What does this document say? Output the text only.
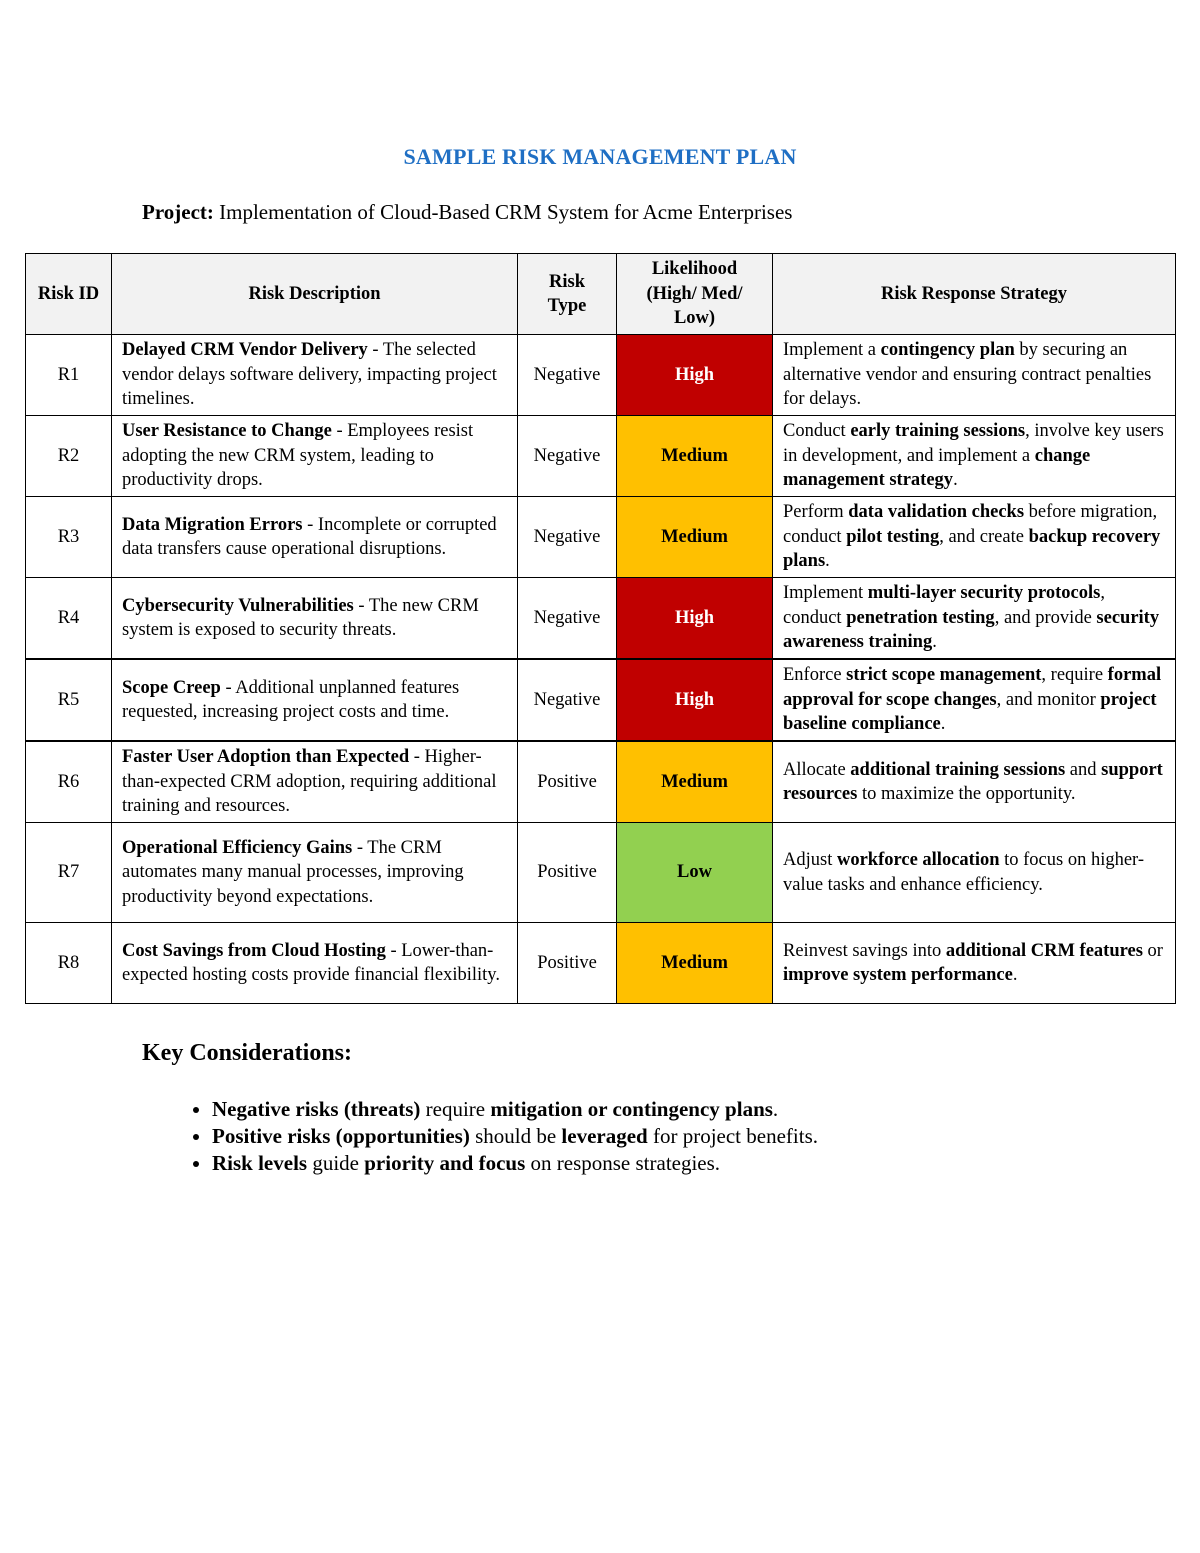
SAMPLE RISK MANAGEMENT PLAN
Project: Implementation of Cloud-Based CRM System for Acme Enterprises
Risk ID	Risk Description	Risk Type	Likelihood (High/ Med/ Low)	Risk Response Strategy
R1	Delayed CRM Vendor Delivery - The selected vendor delays software delivery, impacting project timelines.	Negative	High	Implement a contingency plan by securing an alternative vendor and ensuring contract penalties for delays.
R2	User Resistance to Change - Employees resist adopting the new CRM system, leading to productivity drops.	Negative	Medium	Conduct early training sessions, involve key users in development, and implement a change management strategy.
R3	Data Migration Errors - Incomplete or corrupted data transfers cause operational disruptions.	Negative	Medium	Perform data validation checks before migration, conduct pilot testing, and create backup recovery plans.
R4	Cybersecurity Vulnerabilities - The new CRM system is exposed to security threats.	Negative	High	Implement multi-layer security protocols, conduct penetration testing, and provide security awareness training.
R5	Scope Creep - Additional unplanned features requested, increasing project costs and time.	Negative	High	Enforce strict scope management, require formal approval for scope changes, and monitor project baseline compliance.
R6	Faster User Adoption than Expected - Higher-than-expected CRM adoption, requiring additional training and resources.	Positive	Medium	Allocate additional training sessions and support resources to maximize the opportunity.
R7	Operational Efficiency Gains - The CRM automates many manual processes, improving productivity beyond expectations.	Positive	Low	Adjust workforce allocation to focus on higher-value tasks and enhance efficiency.
R8	Cost Savings from Cloud Hosting - Lower-than-expected hosting costs provide financial flexibility.	Positive	Medium	Reinvest savings into additional CRM features or improve system performance.
Key Considerations:
• Negative risks (threats) require mitigation or contingency plans.
• Positive risks (opportunities) should be leveraged for project benefits.
• Risk levels guide priority and focus on response strategies.
